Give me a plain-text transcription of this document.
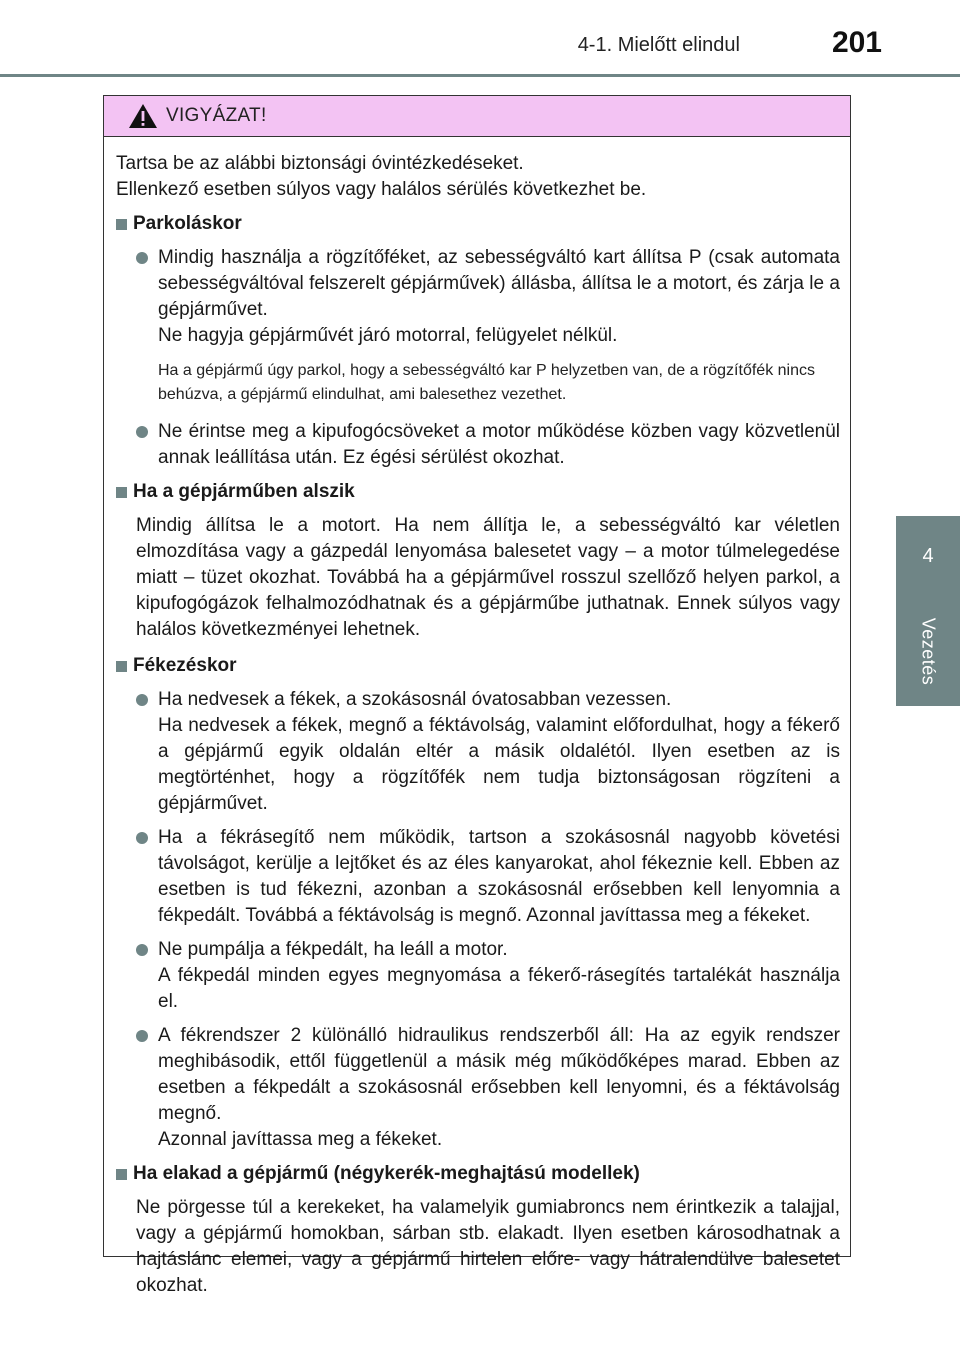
4-1. Mielőtt elindul	201
4
Vezetés
VIGYÁZAT!
Tartsa be az alábbi biztonsági óvintézkedéseket.
Ellenkező esetben súlyos vagy halálos sérülés következhet be.
Parkoláskor
Mindig használja a rögzítőféket, az sebességváltó kart állítsa P (csak automata sebességváltóval felszerelt gépjárművek) állásba, állítsa le a motort, és zárja le a gépjárművet.
Ne hagyja gépjárművét járó motorral, felügyelet nélkül.
Ha a gépjármű úgy parkol, hogy a sebességváltó kar P helyzetben van, de a rögzítőfék nincs behúzva, a gépjármű elindulhat, ami balesethez vezethet.
Ne érintse meg a kipufogócsöveket a motor működése közben vagy közvetlenül annak leállítása után. Ez égési sérülést okozhat.
Ha a gépjárműben alszik
Mindig állítsa le a motort. Ha nem állítja le, a sebességváltó kar véletlen elmozdítása vagy a gázpedál lenyomása balesetet vagy – a motor túlmelegedése miatt – tüzet okozhat. Továbbá ha a gépjárművel rosszul szellőző helyen parkol, a kipufogógázok felhalmozódhatnak és a gépjárműbe juthatnak. Ennek súlyos vagy halálos következményei lehetnek.
Fékezéskor
Ha nedvesek a fékek, a szokásosnál óvatosabban vezessen.
Ha nedvesek a fékek, megnő a féktávolság, valamint előfordulhat, hogy a fékerő a gépjármű egyik oldalán eltér a másik oldalétól. Ilyen esetben az is megtörténhet, hogy a rögzítőfék nem tudja biztonságosan rögzíteni a gépjárművet.
Ha a fékrásegítő nem működik, tartson a szokásosnál nagyobb követési távolságot, kerülje a lejtőket és az éles kanyarokat, ahol fékeznie kell. Ebben az esetben is tud fékezni, azonban a szokásosnál erősebben kell lenyomnia a fékpedált. Továbbá a féktávolság is megnő. Azonnal javíttassa meg a fékeket.
Ne pumpálja a fékpedált, ha leáll a motor.
A fékpedál minden egyes megnyomása a fékerő-rásegítés tartalékát használja el.
A fékrendszer 2 különálló hidraulikus rendszerből áll: Ha az egyik rendszer meghibásodik, ettől függetlenül a másik még működőképes marad. Ebben az esetben a fékpedált a szokásosnál erősebben kell lenyomni, és a féktávolság megnő.
Azonnal javíttassa meg a fékeket.
Ha elakad a gépjármű (négykerék-meghajtású modellek)
Ne pörgesse túl a kerekeket, ha valamelyik gumiabroncs nem érintkezik a talajjal, vagy a gépjármű homokban, sárban stb. elakadt. Ilyen esetben károsodhatnak a hajtáslánc elemei, vagy a gépjármű hirtelen előre- vagy hátralendülve balesetet okozhat.
